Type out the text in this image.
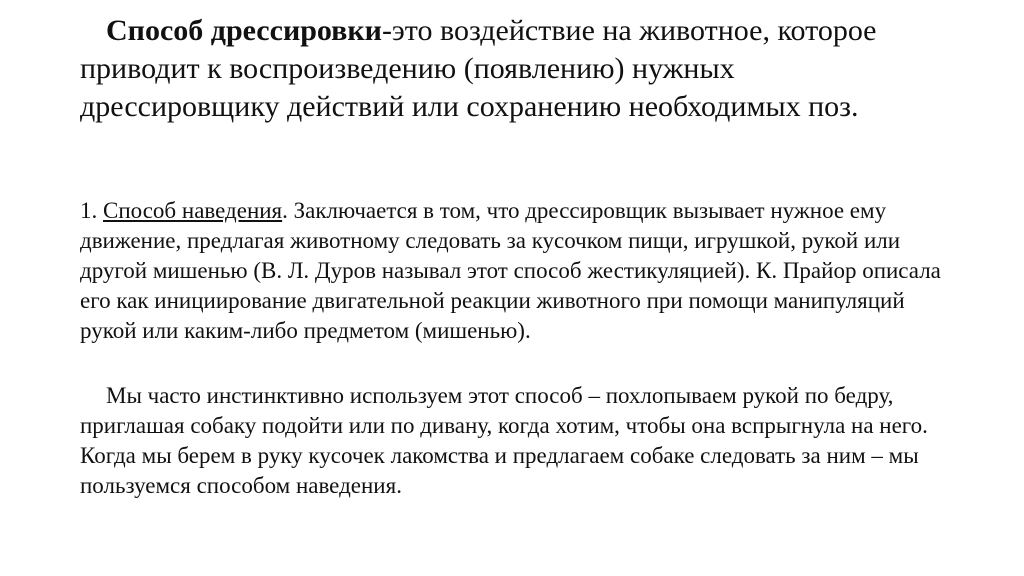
Способ дрессировки-это воздействие на животное, которое приводит к воспроизведению (появлению) нужных дрессировщику действий или сохранению необходимых поз.

1. Способ наведения. Заключается в том, что дрессировщик вызывает нужное ему движение, предлагая животному следовать за кусочком пищи, игрушкой, рукой или другой мишенью (В. Л. Дуров называл этот способ жестикуляцией). К. Прайор описала его как инициирование двигательной реакции животного при помощи манипуляций рукой или каким-либо предметом (мишенью).

Мы часто инстинктивно используем этот способ – похлопываем рукой по бедру, приглашая собаку подойти или по дивану, когда хотим, чтобы она вспрыгнула на него. Когда мы берем в руку кусочек лакомства и предлагаем собаке следовать за ним – мы пользуемся способом наведения.
